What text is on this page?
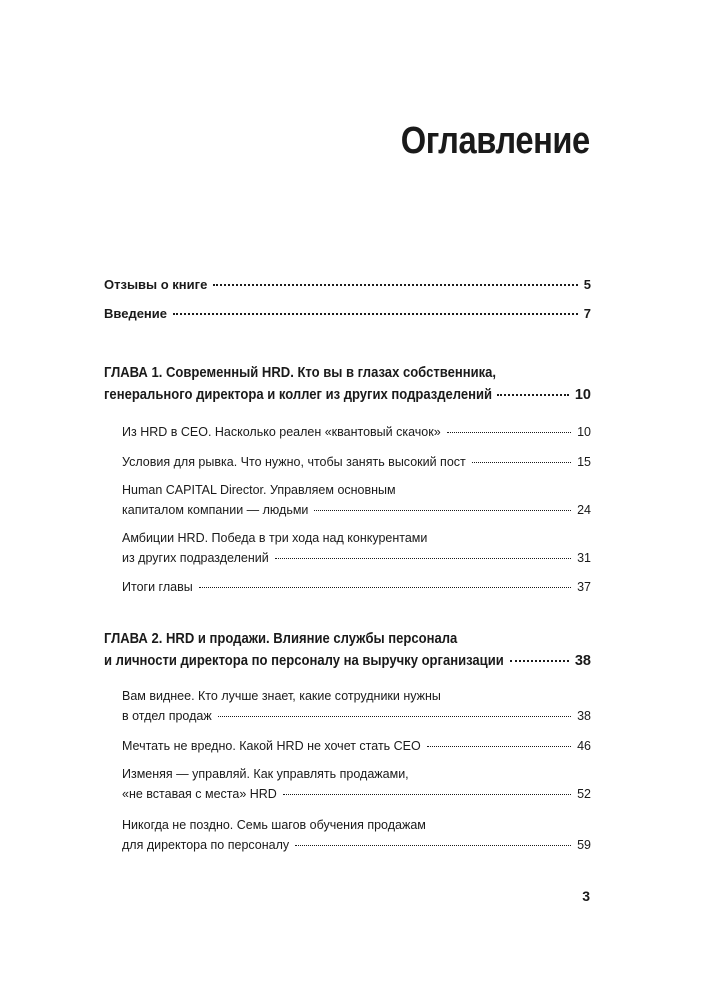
Оглавление
Отзывы о книге	5
Введение	7
ГЛАВА 1. Современный HRD. Кто вы в глазах собственника,
генерального директора и коллег из других подразделений	10
Из HRD в CEO. Насколько реален «квантовый скачок»	10
Условия для рывка. Что нужно, чтобы занять высокий пост	15
Human CAPITAL Director. Управляем основным
капиталом компании — людьми	24
Амбиции HRD. Победа в три хода над конкурентами
из других подразделений	31
Итоги главы	37
ГЛАВА 2. HRD и продажи. Влияние службы персонала
и личности директора по персоналу на выручку организации	38
Вам виднее. Кто лучше знает, какие сотрудники нужны
в отдел продаж	38
Мечтать не вредно. Какой HRD не хочет стать CEO	46
Изменяя — управляй. Как управлять продажами,
«не вставая с места» HRD	52
Никогда не поздно. Семь шагов обучения продажам
для директора по персоналу	59
3
